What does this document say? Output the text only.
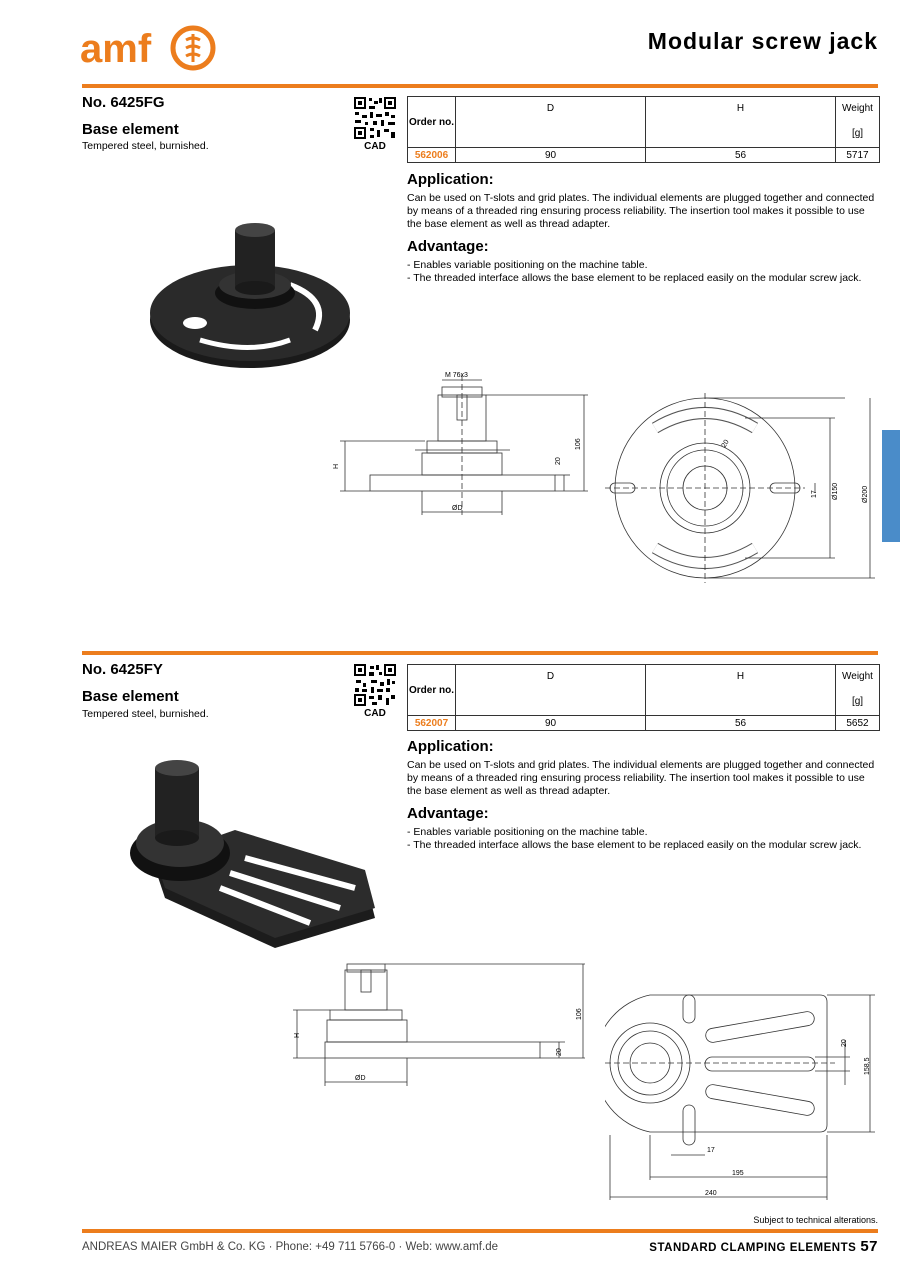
amf	Modular screw jack
No. 6425FG
Base element
Tempered steel, burnished.	CAD
Order no.	D	H	Weight
[g]

562006	90	56	5717
Application:
Can be used on T-slots and grid plates. The individual elements are plugged together and connected by means of a threaded ring ensuring process reliability. The insertion tool makes it possible to use the base element as well as thread adapter.
Advantage:
- Enables variable positioning on the machine table.
- The threaded interface allows the base element to be replaced easily on the modular screw jack.
M 76x3
H
ØD
106
20
20
17 Ø150	Ø200
No. 6425FY
Base element
Tempered steel, burnished.	CAD
Order no.	D	H	Weight
[g]

562007	90	56	5652
Application:
Can be used on T-slots and grid plates. The individual elements are plugged together and connected by means of a threaded ring ensuring process reliability. The insertion tool makes it possible to use the base element as well as thread adapter.
Advantage:
- Enables variable positioning on the machine table.
- The threaded interface allows the base element to be replaced easily on the modular screw jack.
H
ØD
106
20
20
158,5
17
195
240
Subject to technical alterations.
ANDREAS MAIER GmbH & Co. KG · Phone: +49 711 5766-0 · Web: www.amf.de	STANDARD CLAMPING ELEMENTS 57
